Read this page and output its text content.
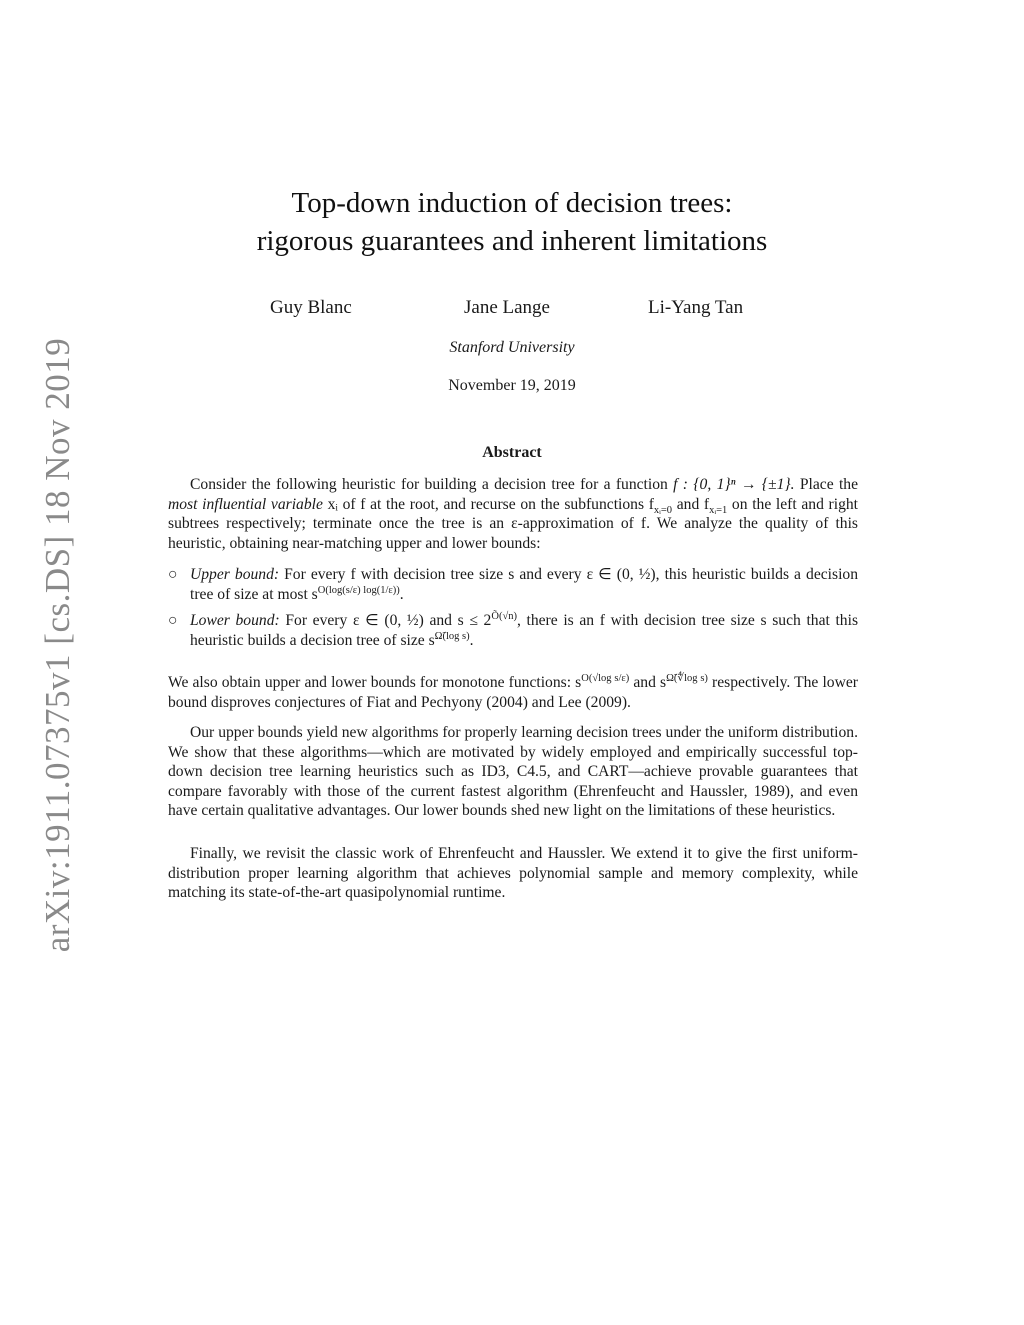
arXiv:1911.07375v1 [cs.DS] 18 Nov 2019
Top-down induction of decision trees:
rigorous guarantees and inherent limitations
Guy Blanc	Jane Lange	Li-Yang Tan
Stanford University
November 19, 2019
Abstract
Consider the following heuristic for building a decision tree for a function f : {0, 1}ⁿ → {±1}. Place the most influential variable xᵢ of f at the root, and recurse on the subfunctions $f_{xᵢ=0}$ and $f_{xᵢ=1}$ on the left and right subtrees respectively; terminate once the tree is an ε-approximation of f. We analyze the quality of this heuristic, obtaining near-matching upper and lower bounds:
○ Upper bound: For every f with decision tree size s and every ε ∈ (0, ½), this heuristic builds a decision tree of size at most $s^{O(log(s/\varepsilon) log(1/\varepsilon))}$.
○ Lower bound: For every ε ∈ (0, ½) and $s \le 2^{Õ(√n)}$, there is an f with decision tree size s such that this heuristic builds a decision tree of size $s^{\Omegã(log s)}$.
We also obtain upper and lower bounds for monotone functions: $s^{O(√log s/\varepsilon)}$ and $s^{\Omegã(∜log s)}$ respectively. The lower bound disproves conjectures of Fiat and Pechyony (2004) and Lee (2009).
Our upper bounds yield new algorithms for properly learning decision trees under the uniform distribution. We show that these algorithms—which are motivated by widely employed and empirically successful top-down decision tree learning heuristics such as ID3, C4.5, and CART—achieve provable guarantees that compare favorably with those of the current fastest algorithm (Ehrenfeucht and Haussler, 1989), and even have certain qualitative advantages. Our lower bounds shed new light on the limitations of these heuristics.
Finally, we revisit the classic work of Ehrenfeucht and Haussler. We extend it to give the first uniform-distribution proper learning algorithm that achieves polynomial sample and memory complexity, while matching its state-of-the-art quasipolynomial runtime.
